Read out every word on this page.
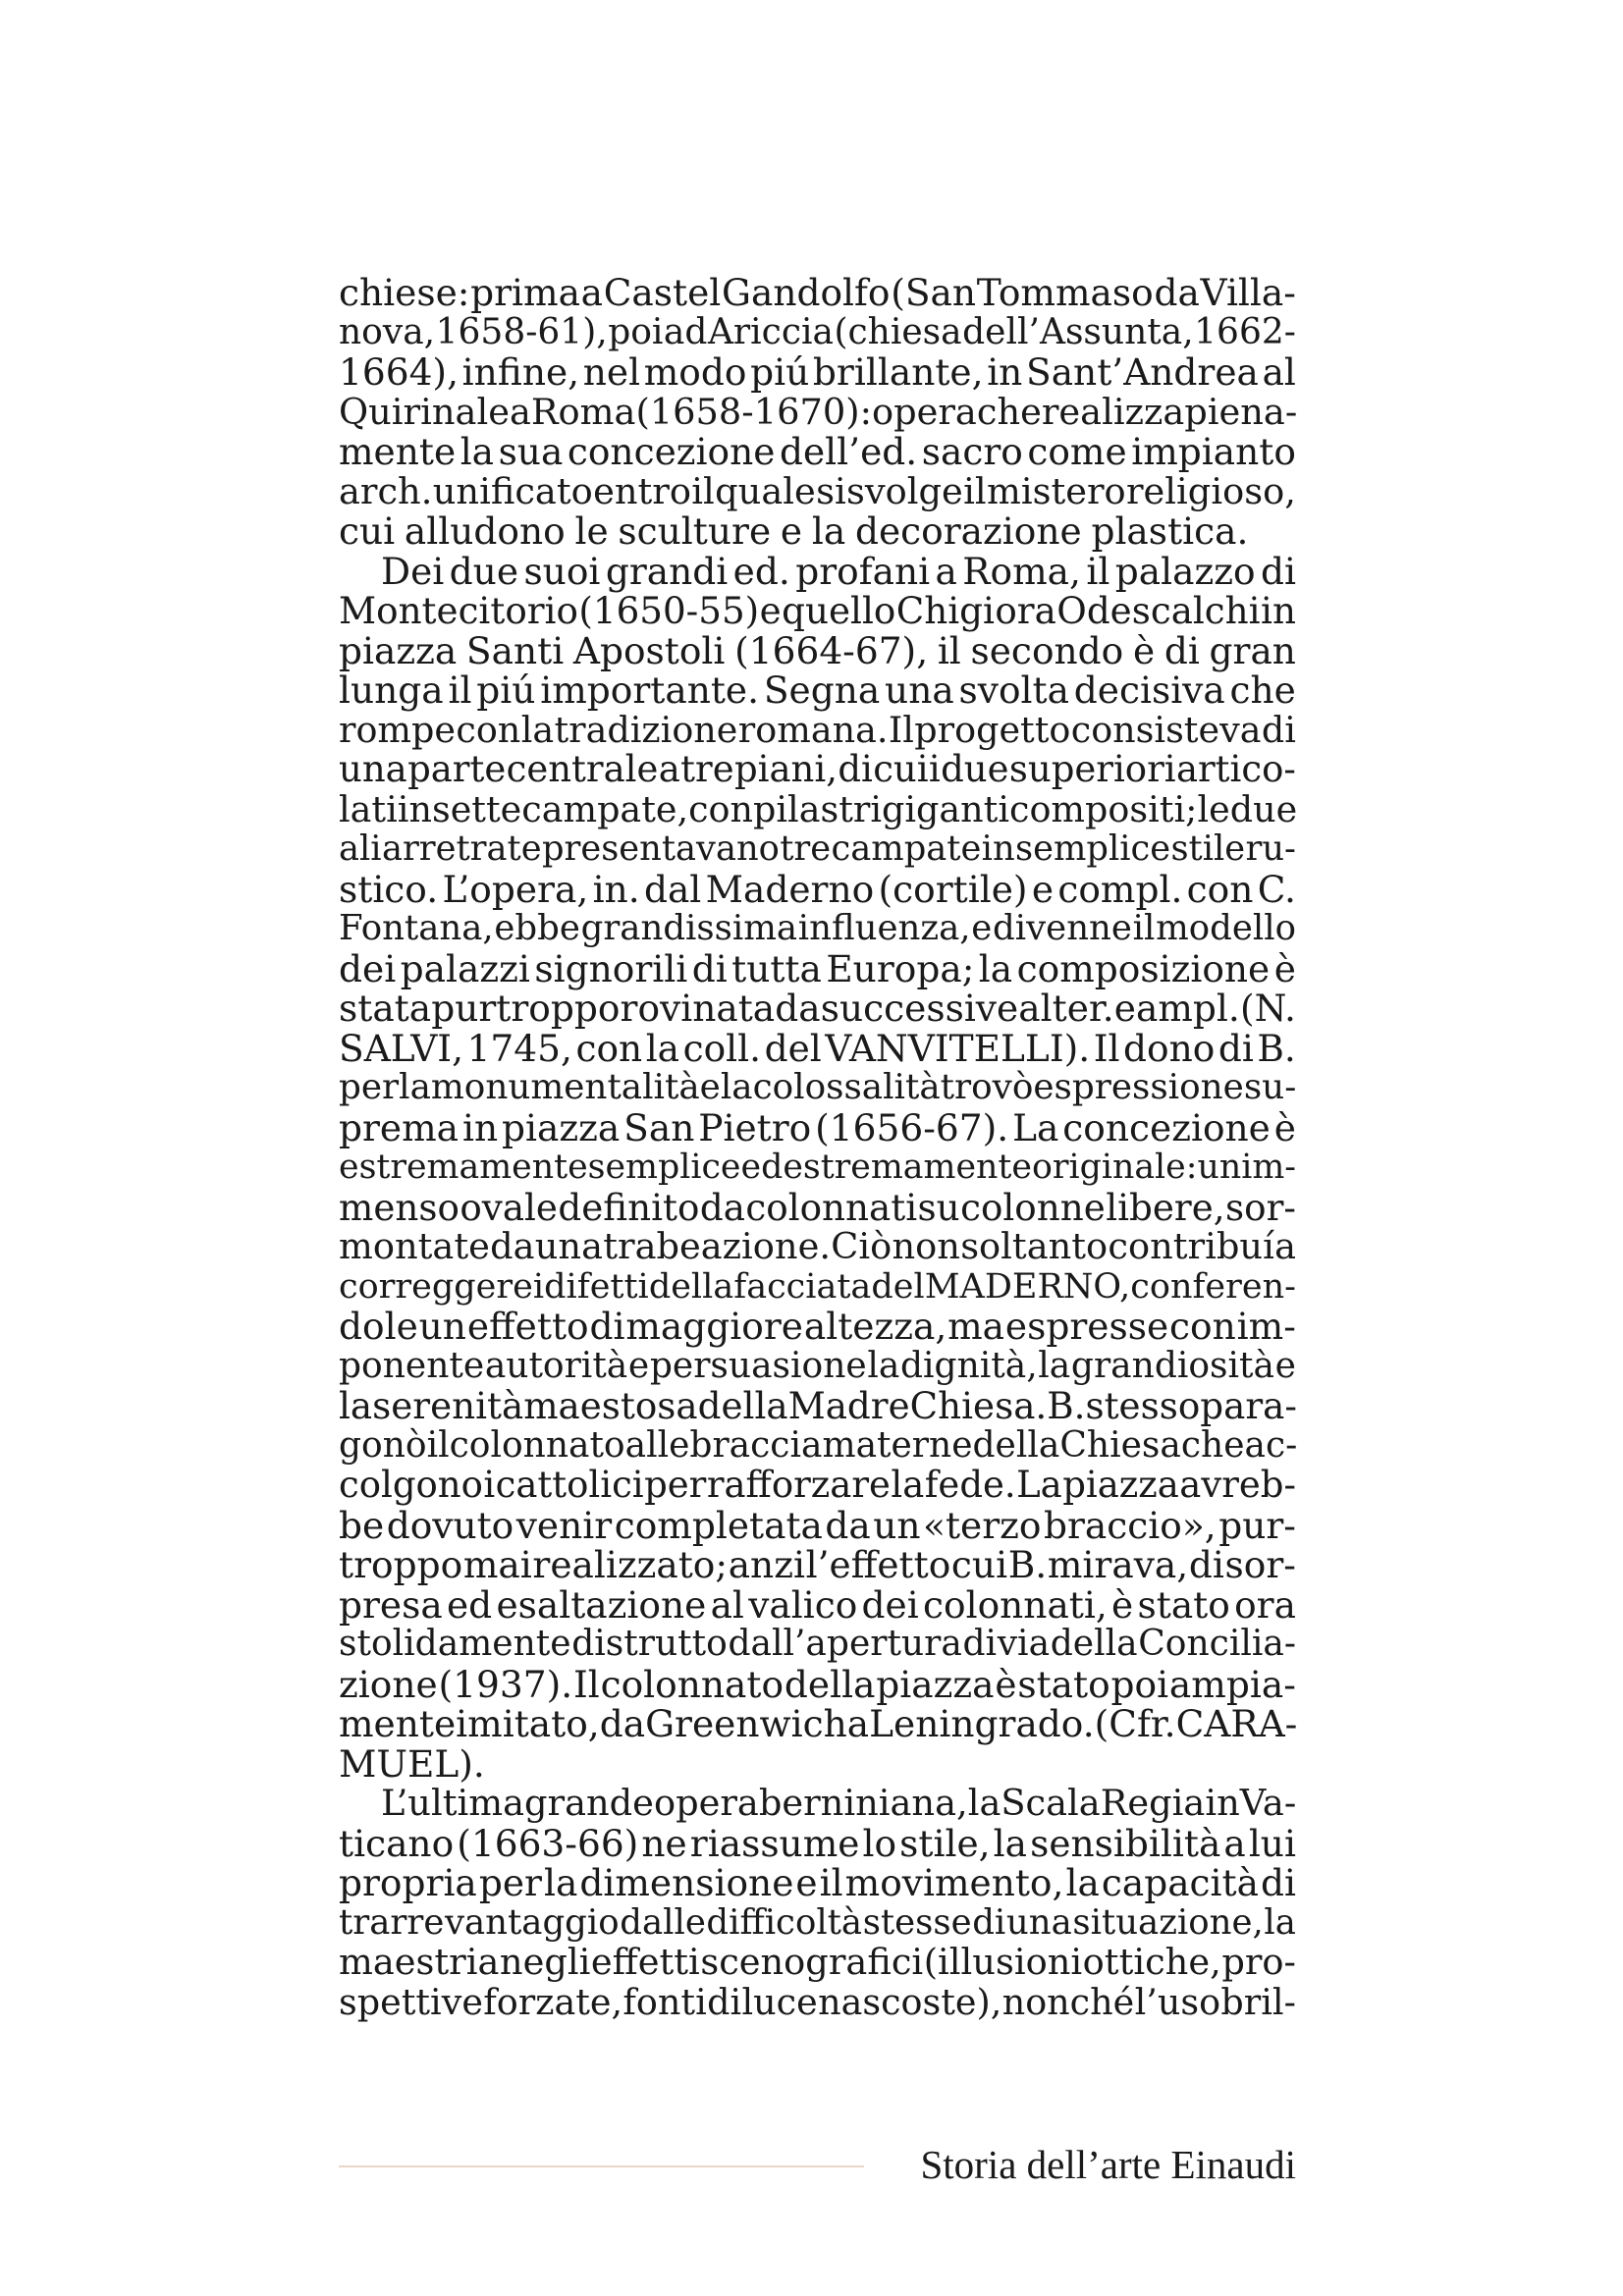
chiese: prima a Castel Gandolfo (San Tommaso da Villa-
nova, 1658-61), poi ad Ariccia (chiesa dell’Assunta, 1662-
1664), infine, nel modo piú brillante, in Sant’Andrea al
Quirinale a Roma (1658-1670): opera che realizza piena-
mente la sua concezione dell’ed. sacro come impianto
arch. unificato entro il quale si svolge il mistero religioso,
cui alludono le sculture e la decorazione plastica.
Dei due suoi grandi ed. profani a Roma, il palazzo di
Montecitorio (1650-55) e quello Chigi ora Odescalchi in
piazza Santi Apostoli (1664-67), il secondo è di gran
lunga il piú importante. Segna una svolta decisiva che
rompe con la tradizione romana. Il progetto consisteva di
una parte centrale a tre piani, di cui i due superiori artico-
lati in sette campate, con pilastri giganti compositi; le due
ali arretrate presentavano tre campate in semplice stile ru-
stico. L’opera, in. dal Maderno (cortile) e compl. con C.
Fontana, ebbe grandissima influenza, e divenne il modello
dei palazzi signorili di tutta Europa; la composizione è
stata purtroppo rovinata da successive alter. e ampl. (N.
SALVI, 1745, con la coll. del VANVITELLI). Il dono di B.
per la monumentalità e la colossalità trovò espressione su-
prema in piazza San Pietro (1656-67). La concezione è
estremamente semplice ed estremamente originale: un im-
menso ovale definito da colonnati su colonne libere, sor-
montate da una trabeazione. Ciò non soltanto contribuí a
correggere i difetti della facciata del MADERNO, conferen-
dole un effetto di maggiore altezza, ma espresse con im-
ponente autorità e persuasione la dignità, la grandiosità e
la serenità maestosa della Madre Chiesa. B. stesso para-
gonò il colonnato alle braccia materne della Chiesa che ac-
colgono i cattolici per rafforzare la fede. La piazza avreb-
be dovuto venir completata da un «terzo braccio», pur-
troppo mai realizzato; anzi l’effetto cui B. mirava, di sor-
presa ed esaltazione al valico dei colonnati, è stato ora
stolidamente distrutto dall’apertura di via della Concilia-
zione (1937). Il colonnato della piazza è stato poi ampia-
mente imitato, da Greenwich a Leningrado. (Cfr. CARA-
MUEL).
L’ultima grande opera berniniana, la Scala Regia in Va-
ticano (1663-66) ne riassume lo stile, la sensibilità a lui
propria per la dimensione e il movimento, la capacità di
trarre vantaggio dalle difficoltà stesse di una situazione, la
maestria negli effetti scenografici (illusioni ottiche, pro-
spettive forzate, fonti di luce nascoste), nonché l’uso bril-
Storia dell’arte Einaudi
